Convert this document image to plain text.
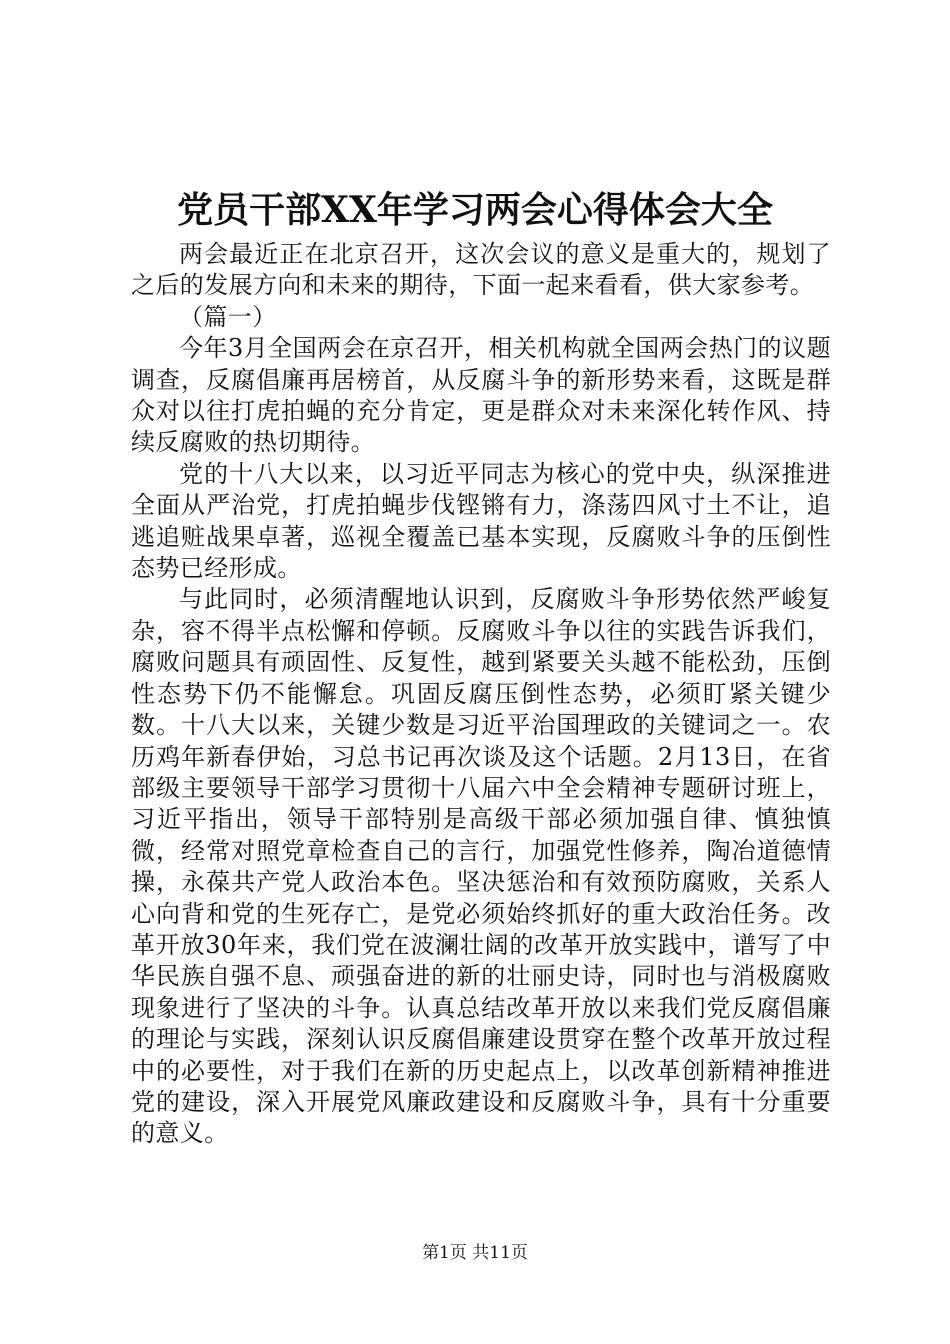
党员干部XX年学习两会心得体会大全

两会最近正在北京召开，这次会议的意义是重大的，规划了之后的发展方向和未来的期待，下面一起来看看，供大家参考。

（篇一）

今年3月全国两会在京召开，相关机构就全国两会热门的议题调查，反腐倡廉再居榜首，从反腐斗争的新形势来看，这既是群众对以往打虎拍蝇的充分肯定，更是群众对未来深化转作风、持续反腐败的热切期待。

党的十八大以来，以习近平同志为核心的党中央，纵深推进全面从严治党，打虎拍蝇步伐铿锵有力，涤荡四风寸土不让，追逃追赃战果卓著，巡视全覆盖已基本实现，反腐败斗争的压倒性态势已经形成。

与此同时，必须清醒地认识到，反腐败斗争形势依然严峻复杂，容不得半点松懈和停顿。反腐败斗争以往的实践告诉我们，腐败问题具有顽固性、反复性，越到紧要关头越不能松劲，压倒性态势下仍不能懈怠。巩固反腐压倒性态势，必须盯紧关键少数。十八大以来，关键少数是习近平治国理政的关键词之一。农历鸡年新春伊始，习总书记再次谈及这个话题。2月13日，在省部级主要领导干部学习贯彻十八届六中全会精神专题研讨班上，习近平指出，领导干部特别是高级干部必须加强自律、慎独慎微，经常对照党章检查自己的言行，加强党性修养，陶冶道德情操，永葆共产党人政治本色。坚决惩治和有效预防腐败，关系人心向背和党的生死存亡，是党必须始终抓好的重大政治任务。改革开放30年来，我们党在波澜壮阔的改革开放实践中，谱写了中华民族自强不息、顽强奋进的新的壮丽史诗，同时也与消极腐败现象进行了坚决的斗争。认真总结改革开放以来我们党反腐倡廉的理论与实践，深刻认识反腐倡廉建设贯穿在整个改革开放过程中的必要性，对于我们在新的历史起点上，以改革创新精神推进党的建设，深入开展党风廉政建设和反腐败斗争，具有十分重要的意义。

第1页 共11页
